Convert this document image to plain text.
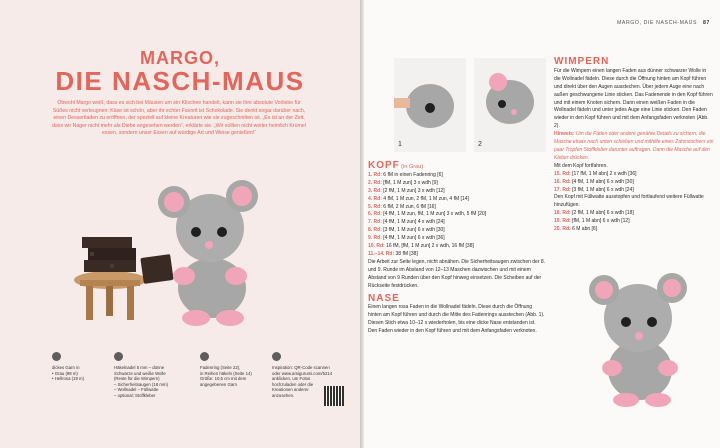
MARGO,
DIE NASCH-MAUS
Obwohl Margo weiß, dass es sich bei Mäusen um ein Klischee handelt, kann sie ihre absolute Vorliebe für Süßes nicht verleugnen: Käse ist schön, aber ihr echter Favorit ist Schokolade. Sie denkt sogar darüber nach, einen Dessertladen zu eröffnen, der speziell auf kleine Kreaturen wie sie zugeschnitten ist. „Es ist an der Zeit, dass wir Nager nicht mehr als Diebe angesehen werden“, erklärte sie. „Wir sollten nicht weiter heimlich Krümel essen, sondern unser Essen auf würdige Art und Weise genießen!“
dickes Garn in
• Grau (98 m)
• Hellrosa (19 m)
Häkelnadel 5 mm – dünne
Schwarze und weiße Wolle
(Reste für die Wimpern)
– Sicherheitsaugen (18 mm)
– Wollnadel – Füllwatte
– optional: Stoffkleber
Fadenring (Seite 22),
in Reihen häkeln (Seite 14)
Größe: 10,5 cm mit dem
angegebenen Garn
Inspiration: QR-Code scannen
oder www.amigurumi.com/5214
anklicken, um Fotos
hochzuladen oder die
Kreationen anderer
anzusehen.
MARGO, DIE NASCH-MAUS 87
1	2
KOPF (in Grau)
1. Rd: 6 fM in einen Fadenring [6]
2. Rd: [fM, 1 M zun] 3 x wdh [9]
3. Rd: [2 fM, 1 M zun] 3 x wdh [12]
4. Rd: 4 fM, 1 M zun, 2 fM, 1 M zun, 4 fM [14]
5. Rd: 6 fM, 2 M zun, 6 fM [16]
6. Rd: [4 fM, 1 M zun, fM, 1 M zun] 3 x wdh, 5 fM [20]
7. Rd: [4 fM, 1 M zun] 4 x wdh [24]
8. Rd: [3 fM, 1 M zun] 6 x wdh [30]
9. Rd: [4 fM, 1 M zun] 6 x wdh [36]
10. Rd: 16 fM, [fM, 1 M zun] 2 x wdh, 16 fM [38]
11.–14. Rd: 38 fM [38]
Die Arbeit zur Seite legen, nicht abnähen. Die Sicherheitsaugen zwischen der 8. und 9. Runde im Abstand von 12–13 Maschen dazwischen und mit einem Abstand von 9 Runden über den Kopf hinweg einsetzen. Die Scheiben auf der Rückseite festdrücken.
NASE
Einen langen rosa Faden in die Wollnadel fädeln. Diese durch die Öffnung hinten am Kopf führen und durch die Mitte des Fadenrings ausstechen (Abb. 1). Diesen Stich etwa 10–12 x wiederholen, bis eine dicke Nase entstanden ist. Den Faden wieder in den Kopf führen und mit dem Anfangsfaden verknoten.
WIMPERN
Für die Wimpern einen langen Faden aus dünner schwarzer Wolle in die Wollnadel fädeln. Diese durch die Öffnung hinten am Kopf führen und direkt über den Augen ausstechen. Über jedem Auge eine nach außen geschwungene Linie sticken. Das Fadenende in den Kopf führen und mit einem Knoten sichern. Dann einen weißen Faden in die Wollnadel fädeln und unter jedes Auge eine Linie sticken. Den Faden wieder in den Kopf führen und mit dem Anfangsfaden verknoten (Abb. 2).
Hinweis: Um die Fäden oder andere genähte Details zu sichern, die Masche etwas nach unten schieben und mithilfe eines Zahnstochers ein paar Tropfen Stoffkleber darunter auftragen. Dann die Masche auf den Kleber drücken.
Mit dem Kopf fortfahren.
15. Rd: [17 fM, 1 M abn] 2 x wdh [36]
16. Rd: [4 fM, 1 M abn] 6 x wdh [30]
17. Rd: [3 fM, 1 M abn] 6 x wdh [24]
Den Kopf mit Füllwatte ausstopfen und fortlaufend weitere Füllwatte hinzufügen.
18. Rd: [2 fM, 1 M abn] 6 x wdh [18]
19. Rd: [fM, 1 M abn] 6 x wdh [12]
20. Rd: 6 M abn [6]
